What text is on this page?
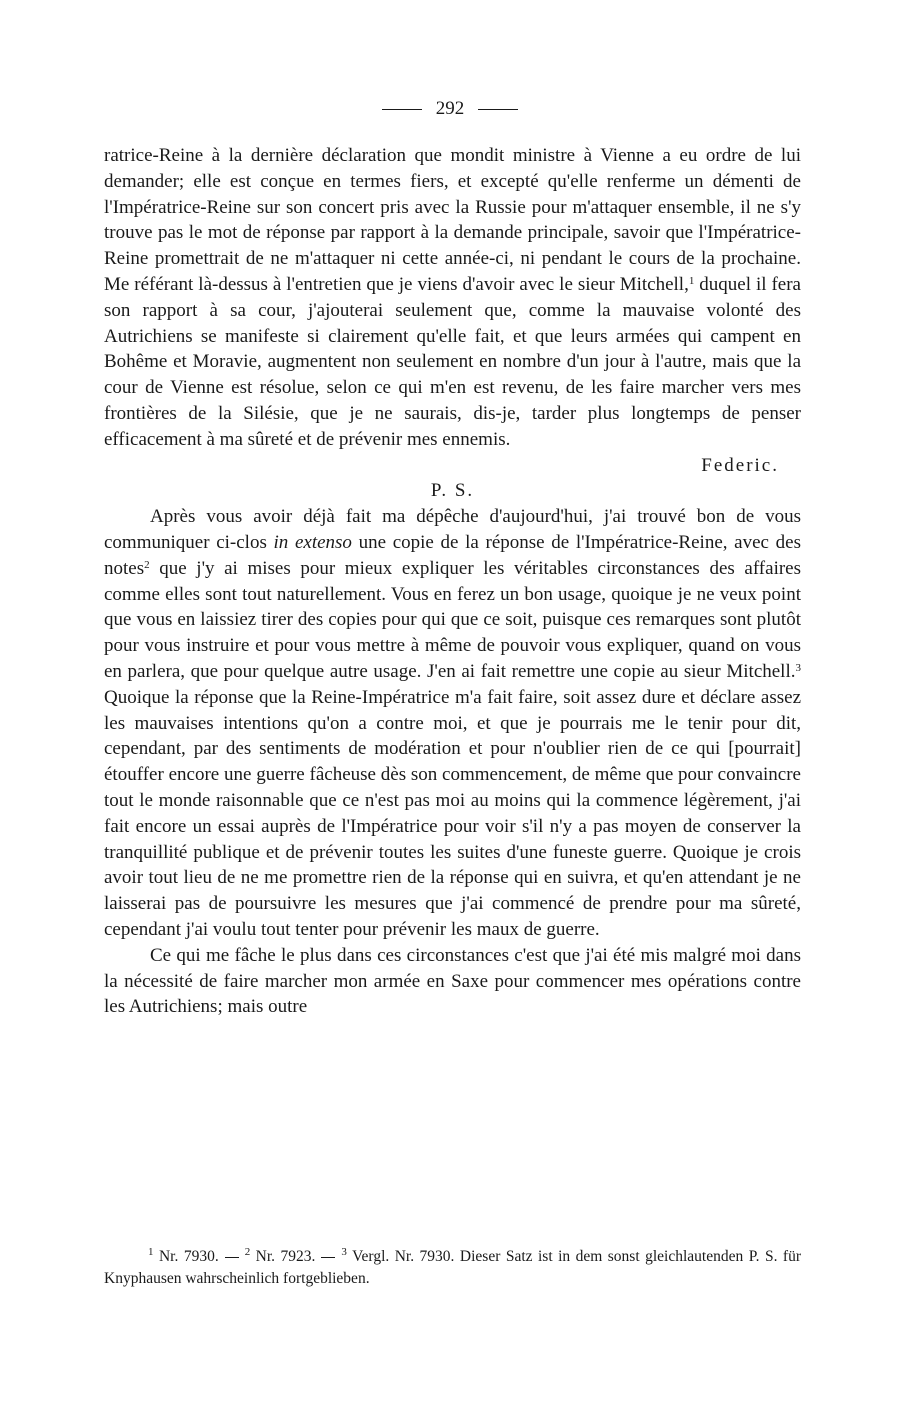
292

ratrice-Reine à la dernière déclaration que mondit ministre à Vienne a eu ordre de lui demander; elle est conçue en termes fiers, et excepté qu'elle renferme un démenti de l'Impératrice-Reine sur son concert pris avec la Russie pour m'attaquer ensemble, il ne s'y trouve pas le mot de réponse par rapport à la demande principale, savoir que l'Impératrice-Reine promettrait de ne m'attaquer ni cette année-ci, ni pendant le cours de la prochaine. Me référant là-dessus à l'entretien que je viens d'avoir avec le sieur Mitchell,$^1$ duquel il fera son rapport à sa cour, j'ajouterai seulement que, comme la mauvaise volonté des Autrichiens se manifeste si clairement qu'elle fait, et que leurs armées qui campent en Bohême et Moravie, augmentent non seulement en nombre d'un jour à l'autre, mais que la cour de Vienne est résolue, selon ce qui m'en est revenu, de les faire marcher vers mes frontières de la Silésie, que je ne saurais, dis-je, tarder plus longtemps de penser efficacement à ma sûreté et de prévenir mes ennemis.

Federic.

P. S.

Après vous avoir déjà fait ma dépêche d'aujourd'hui, j'ai trouvé bon de vous communiquer ci-clos in extenso une copie de la réponse de l'Impératrice-Reine, avec des notes$^2$ que j'y ai mises pour mieux expliquer les véritables circonstances des affaires comme elles sont tout naturellement. Vous en ferez un bon usage, quoique je ne veux point que vous en laissiez tirer des copies pour qui que ce soit, puisque ces remarques sont plutôt pour vous instruire et pour vous mettre à même de pouvoir vous expliquer, quand on vous en parlera, que pour quelque autre usage. J'en ai fait remettre une copie au sieur Mitchell.$^3$ Quoique la réponse que la Reine-Impératrice m'a fait faire, soit assez dure et déclare assez les mauvaises intentions qu'on a contre moi, et que je pourrais me le tenir pour dit, cependant, par des sentiments de modération et pour n'oublier rien de ce qui [pourrait] étouffer encore une guerre fâcheuse dès son commencement, de même que pour convaincre tout le monde raisonnable que ce n'est pas moi au moins qui la commence légèrement, j'ai fait encore un essai auprès de l'Impératrice pour voir s'il n'y a pas moyen de conserver la tranquillité publique et de prévenir toutes les suites d'une funeste guerre. Quoique je crois avoir tout lieu de ne me promettre rien de la réponse qui en suivra, et qu'en attendant je ne laisserai pas de poursuivre les mesures que j'ai commencé de prendre pour ma sûreté, cependant j'ai voulu tout tenter pour prévenir les maux de guerre.

Ce qui me fâche le plus dans ces circonstances c'est que j'ai été mis malgré moi dans la nécessité de faire marcher mon armée en Saxe pour commencer mes opérations contre les Autrichiens; mais outre

$^1$ Nr. 7930. $^2$ Nr. 7923. $^3$ Vergl. Nr. 7930. Dieser Satz ist in dem sonst gleichlautenden P. S. für Knyphausen wahrscheinlich fortgeblieben.
